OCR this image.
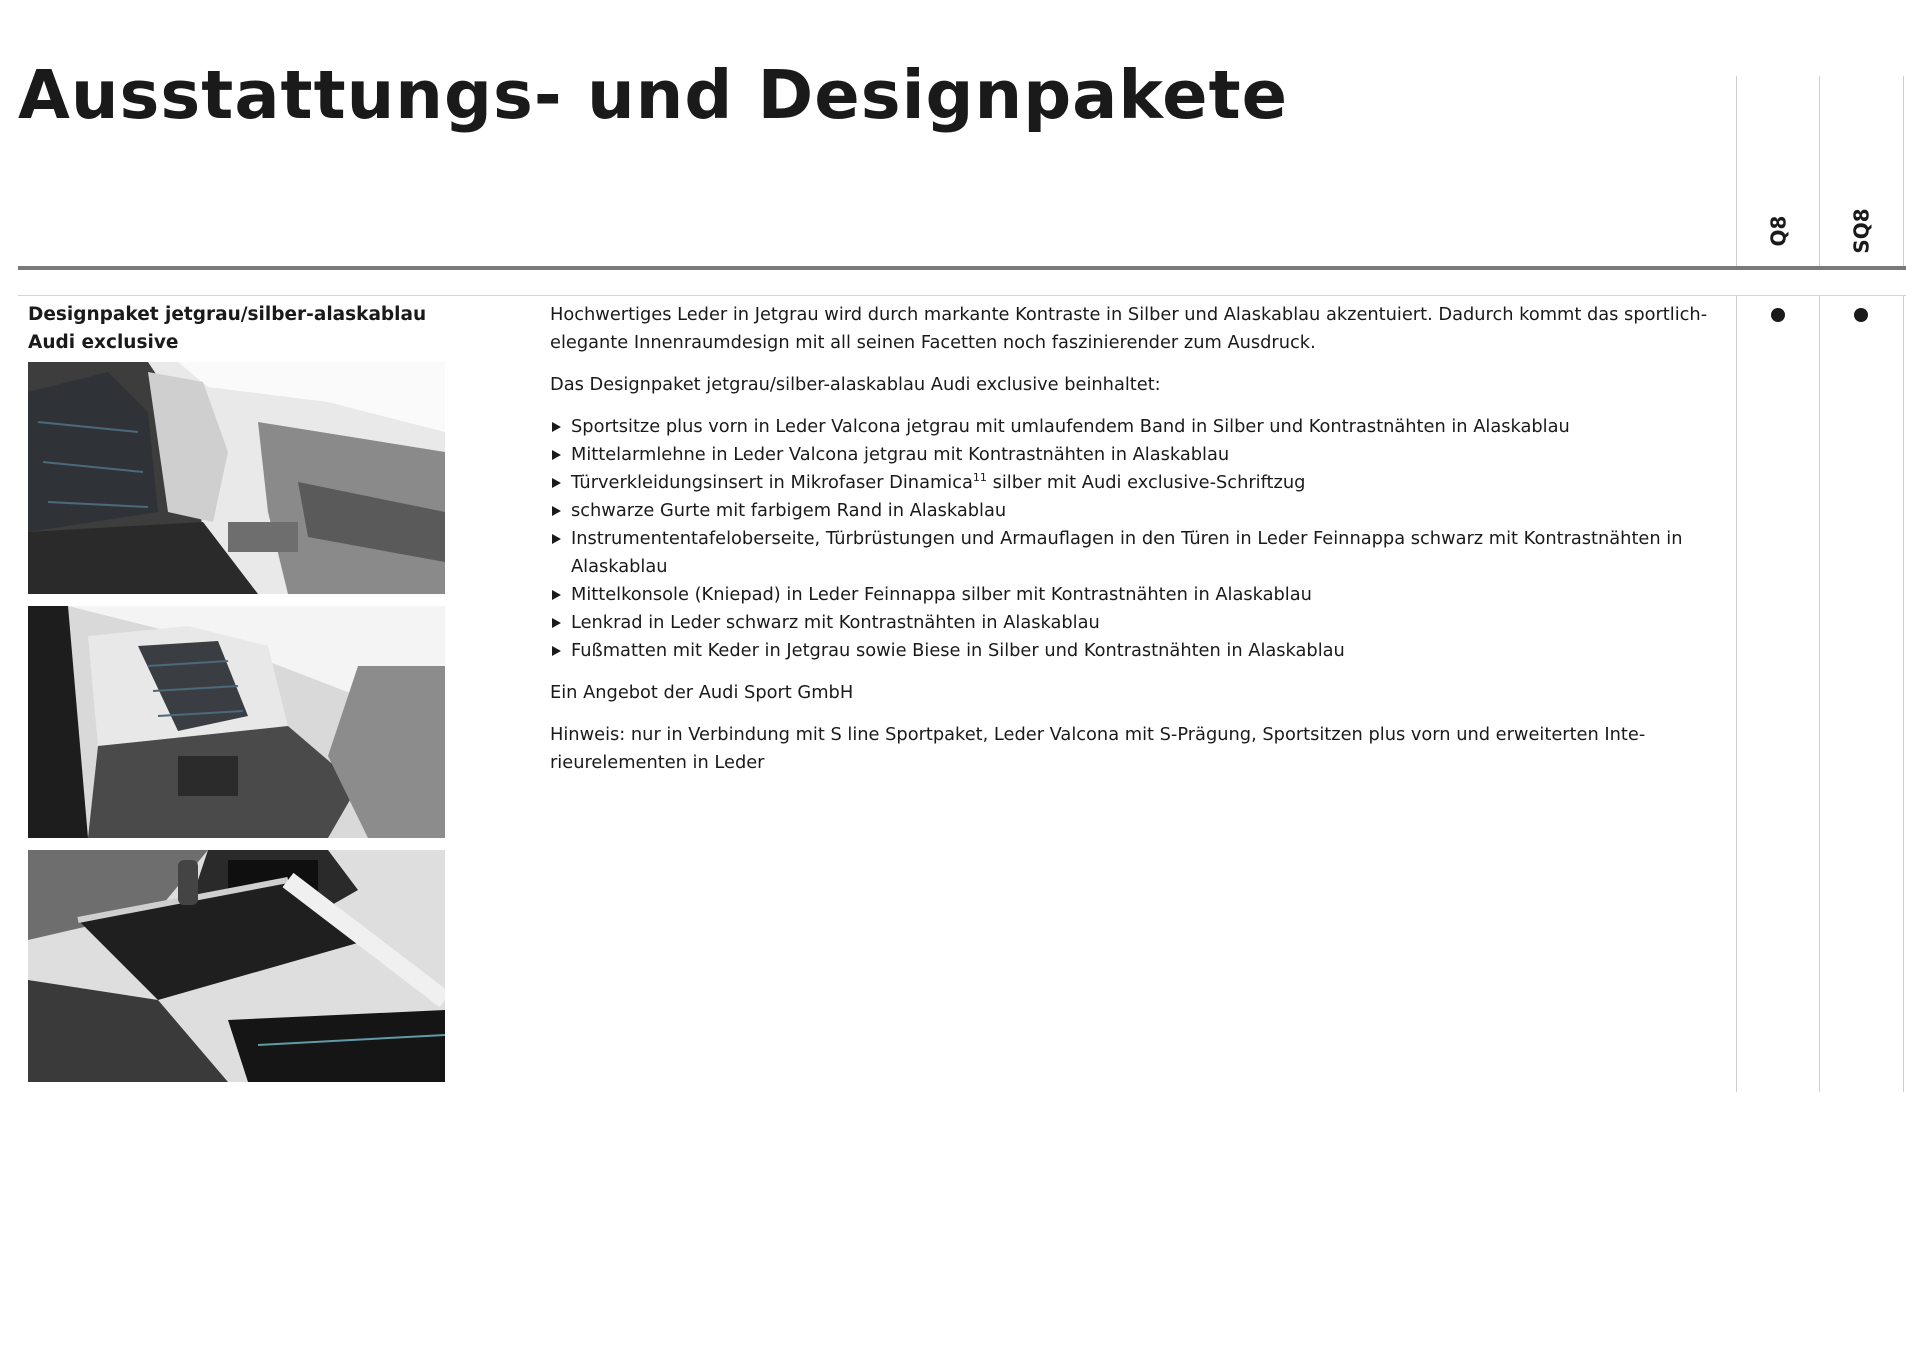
Ausstattungs- und Designpakete
Q8	SQ8
Designpaket jetgrau/silber-alaskablau
Audi exclusive

Hochwertiges Leder in Jetgrau wird durch markante Kontraste in Silber und Alaskablau akzentuiert. Dadurch kommt das sportlich-elegante Innenraumdesign mit all seinen Facetten noch faszinierender zum Ausdruck.

Das Designpaket jetgrau/silber-alaskablau Audi exclusive beinhaltet:

Sportsitze plus vorn in Leder Valcona jetgrau mit umlaufendem Band in Silber und Kontrastnähten in Alaskablau
Mittelarmlehne in Leder Valcona jetgrau mit Kontrastnähten in Alaskablau
Türverkleidungsinsert in Mikrofaser Dinamica$^{11}$ silber mit Audi exclusive-Schriftzug
schwarze Gurte mit farbigem Rand in Alaskablau
Instrumententafeloberseite, Türbrüstungen und Armauflagen in den Türen in Leder Feinnappa schwarz mit Kontrastnähten in Alaskablau
Mittelkonsole (Kniepad) in Leder Feinnappa silber mit Kontrastnähten in Alaskablau
Lenkrad in Leder schwarz mit Kontrastnähten in Alaskablau
Fußmatten mit Keder in Jetgrau sowie Biese in Silber und Kontrastnähten in Alaskablau

Ein Angebot der Audi Sport GmbH

Hinweis: nur in Verbindung mit S line Sportpaket, Leder Valcona mit S-Prägung, Sportsitzen plus vorn und erweiterten Inte-rieurelementen in Leder
